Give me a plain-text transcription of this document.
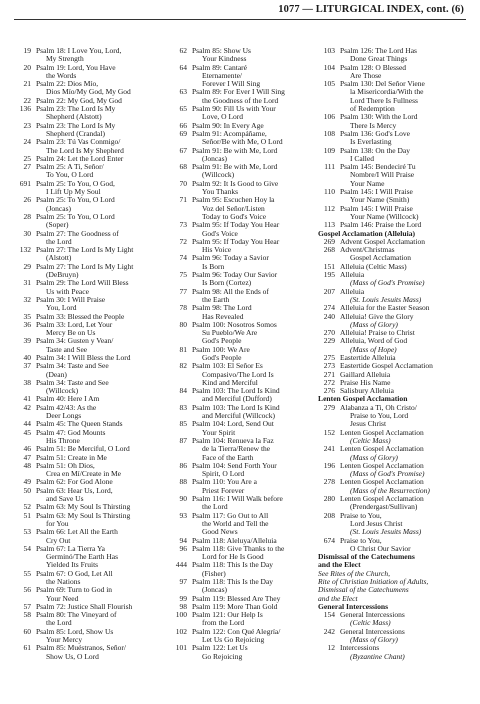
1077 — LITURGICAL INDEX, cont. (6)
19 Psalm 18: I Love You, Lord,
My Strength
20 Psalm 19: Lord, You Have
the Words
21 Psalm 22: Dios Mío,
Dios Mío/My God, My God
22 Psalm 22: My God, My God
136 Psalm 23: The Lord Is My
Shepherd (Alstott)
23 Psalm 23: The Lord Is My
Shepherd (Crandal)
24 Psalm 23: Tú Vas Conmigo/
The Lord Is My Shepherd
25 Psalm 24: Let the Lord Enter
27 Psalm 25: A Ti, Señor/
To You, O Lord
691 Psalm 25: To You, O God,
I Lift Up My Soul
26 Psalm 25: To You, O Lord
(Joncas)
28 Psalm 25: To You, O Lord
(Soper)
30 Psalm 27: The Goodness of
the Lord
132 Psalm 27: The Lord Is My Light
(Alstott)
29 Psalm 27: The Lord Is My Light
(DeBruyn)
31 Psalm 29: The Lord Will Bless
Us with Peace
32 Psalm 30: I Will Praise
You, Lord
35 Psalm 33: Blessed the People
36 Psalm 33: Lord, Let Your
Mercy Be on Us
39 Psalm 34: Gusten y Vean/
Taste and See
40 Psalm 34: I Will Bless the Lord
37 Psalm 34: Taste and See
(Dean)
38 Psalm 34: Taste and See
(Willcock)
41 Psalm 40: Here I Am
42 Psalm 42/43: As the
Deer Longs
44 Psalm 45: The Queen Stands
45 Psalm 47: God Mounts
His Throne
46 Psalm 51: Be Merciful, O Lord
47 Psalm 51: Create in Me
48 Psalm 51: Oh Dios,
Crea en Mí/Create in Me
49 Psalm 62: For God Alone
50 Psalm 63: Hear Us, Lord,
and Save Us
52 Psalm 63: My Soul Is Thirsting
51 Psalm 63: My Soul Is Thirsting
for You
53 Psalm 66: Let All the Earth
Cry Out
54 Psalm 67: La Tierra Ya
Germinó/The Earth Has
Yielded Its Fruits
55 Psalm 67: O God, Let All
the Nations
56 Psalm 69: Turn to God in
Your Need
57 Psalm 72: Justice Shall Flourish
58 Psalm 80: The Vineyard of
the Lord
60 Psalm 85: Lord, Show Us
Your Mercy
61 Psalm 85: Muéstranos, Señor/
Show Us, O Lord
62 Psalm 85: Show Us
Your Kindness
64 Psalm 89: Cantaré
Eternamente/
Forever I Will Sing
63 Psalm 89: For Ever I Will Sing
the Goodness of the Lord
65 Psalm 90: Fill Us with Your
Love, O Lord
66 Psalm 90: In Every Age
69 Psalm 91: Acompáñame,
Señor/Be with Me, O Lord
67 Psalm 91: Be with Me, Lord
(Joncas)
68 Psalm 91: Be with Me, Lord
(Willcock)
70 Psalm 92: It Is Good to Give
You Thanks
71 Psalm 95: Escuchen Hoy la
Voz del Señor/Listen
Today to God's Voice
73 Psalm 95: If Today You Hear
God's Voice
72 Psalm 95: If Today You Hear
His Voice
74 Psalm 96: Today a Savior
Is Born
75 Psalm 96: Today Our Savior
Is Born (Cortez)
77 Psalm 98: All the Ends of
the Earth
78 Psalm 98: The Lord
Has Revealed
80 Psalm 100: Nosotros Somos
Su Pueblo/We Are
God's People
81 Psalm 100: We Are
God's People
82 Psalm 103: El Señor Es
Compasivo/The Lord Is
Kind and Merciful
84 Psalm 103: The Lord Is Kind
and Merciful (Dufford)
83 Psalm 103: The Lord Is Kind
and Merciful (Willcock)
85 Psalm 104: Lord, Send Out
Your Spirit
87 Psalm 104: Renueva la Faz
de la Tierra/Renew the
Face of the Earth
86 Psalm 104: Send Forth Your
Spirit, O Lord
88 Psalm 110: You Are a
Priest Forever
90 Psalm 116: I Will Walk before
the Lord
93 Psalm 117: Go Out to All
the World and Tell the
Good News
94 Psalm 118: Aleluya/Alleluia
96 Psalm 118: Give Thanks to the
Lord for He Is Good
444 Psalm 118: This Is the Day
(Fisher)
97 Psalm 118: This Is the Day
(Joncas)
99 Psalm 119: Blessed Are They
98 Psalm 119: More Than Gold
100 Psalm 121: Our Help Is
from the Lord
102 Psalm 122: Con Qué Alegría/
Let Us Go Rejoicing
101 Psalm 122: Let Us
Go Rejoicing
103 Psalm 126: The Lord Has
Done Great Things
104 Psalm 128: O Blessed
Are Those
105 Psalm 130: Del Señor Viene
la Misericordia/With the
Lord There Is Fullness
of Redemption
106 Psalm 130: With the Lord
There Is Mercy
108 Psalm 136: God's Love
Is Everlasting
109 Psalm 138: On the Day
I Called
111 Psalm 145: Bendeciré Tu
Nombre/I Will Praise
Your Name
110 Psalm 145: I Will Praise
Your Name (Smith)
112 Psalm 145: I Will Praise
Your Name (Willcock)
113 Psalm 146: Praise the Lord
Gospel Acclamation (Alleluia)
269 Advent Gospel Acclamation
268 Advent/Christmas
Gospel Acclamation
151 Alleluia (Celtic Mass)
195 Alleluia
(Mass of God's Promise)
207 Alleluia
(St. Louis Jesuits Mass)
274 Alleluia for the Easter Season
240 Alleluia! Give the Glory
(Mass of Glory)
270 Alleluia! Praise to Christ
229 Alleluia, Word of God
(Mass of Hope)
275 Eastertide Alleluia
273 Eastertide Gospel Acclamation
271 Gaillard Alleluia
272 Praise His Name
276 Salisbury Alleluia
Lenten Gospel Acclamation
279 Alabanza a Ti, Oh Cristo/
Praise to You, Lord
Jesus Christ
152 Lenten Gospel Acclamation
(Celtic Mass)
241 Lenten Gospel Acclamation
(Mass of Glory)
196 Lenten Gospel Acclamation
(Mass of God's Promise)
278 Lenten Gospel Acclamation
(Mass of the Resurrection)
280 Lenten Gospel Acclamation
(Prendergast/Sullivan)
208 Praise to You,
Lord Jesus Christ
(St. Louis Jesuits Mass)
674 Praise to You,
O Christ Our Savior
Dismissal of the Catechumens
and the Elect
See Rites of the Church,
Rite of Christian Initiation of Adults,
Dismissal of the Catechumens
and the Elect
General Intercessions
154 General Intercessions
(Celtic Mass)
242 General Intercessions
(Mass of Glory)
12 Intercessions
(Byzantine Chant)
